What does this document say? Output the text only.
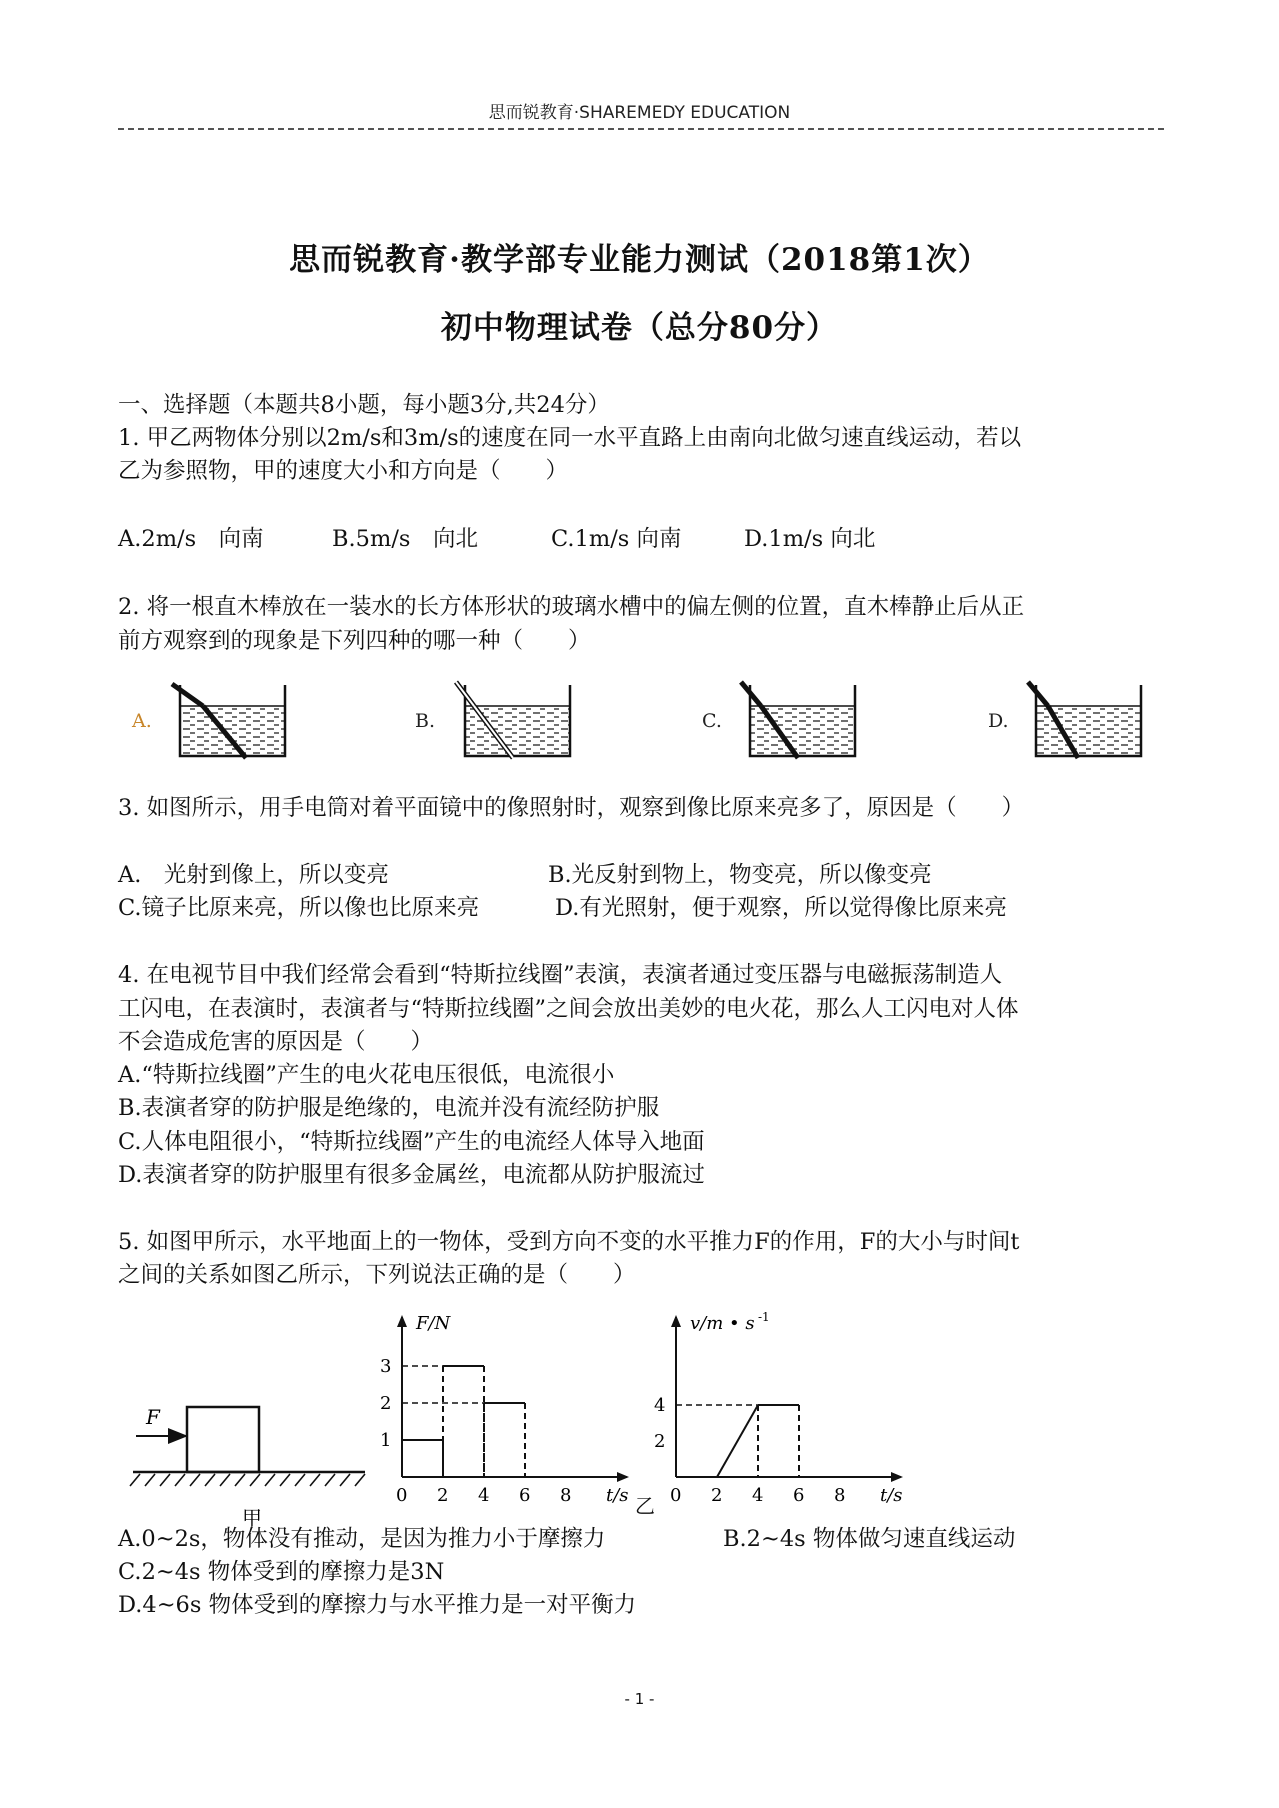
思而锐教育·SHAREMEDY EDUCATION
思而锐教育·教学部专业能力测试（2018第1次）
初中物理试卷（总分80分）
一、选择题（本题共8小题，每小题3分,共24分）
1. 甲乙两物体分别以2m/s和3m/s的速度在同一水平直路上由南向北做匀速直线运动，若以
乙为参照物，甲的速度大小和方向是（　　）
A.2m/s　向南	B.5m/s　向北	C.1m/s 向南	D.1m/s 向北
2. 将一根直木棒放在一装水的长方体形状的玻璃水槽中的偏左侧的位置，直木棒静止后从正
前方观察到的现象是下列四种的哪一种（　　）
A.	B.	C.	D.
3. 如图所示，用手电筒对着平面镜中的像照射时，观察到像比原来亮多了，原因是（　　）
A.　光射到像上，所以变亮	B.光反射到物上，物变亮，所以像变亮
C.镜子比原来亮，所以像也比原来亮	D.有光照射，便于观察，所以觉得像比原来亮
4. 在电视节目中我们经常会看到“特斯拉线圈”表演，表演者通过变压器与电磁振荡制造人
工闪电，在表演时，表演者与“特斯拉线圈”之间会放出美妙的电火花，那么人工闪电对人体
不会造成危害的原因是（　　）
A.“特斯拉线圈”产生的电火花电压很低，电流很小
B.表演者穿的防护服是绝缘的，电流并没有流经防护服
C.人体电阻很小，“特斯拉线圈”产生的电流经人体导入地面
D.表演者穿的防护服里有很多金属丝，电流都从防护服流过
5. 如图甲所示，水平地面上的一物体，受到方向不变的水平推力F的作用，F的大小与时间t
之间的关系如图乙所示，下列说法正确的是（　　）
F
甲
F/N
t/s
0 2 4 6 8
3
2
1
v/m • s -1
t/s
0 2 4 6 8
4
2
乙
A.0~2s，物体没有推动，是因为推力小于摩擦力	B.2~4s 物体做匀速直线运动
C.2~4s 物体受到的摩擦力是3N
D.4~6s 物体受到的摩擦力与水平推力是一对平衡力
- 1 -
